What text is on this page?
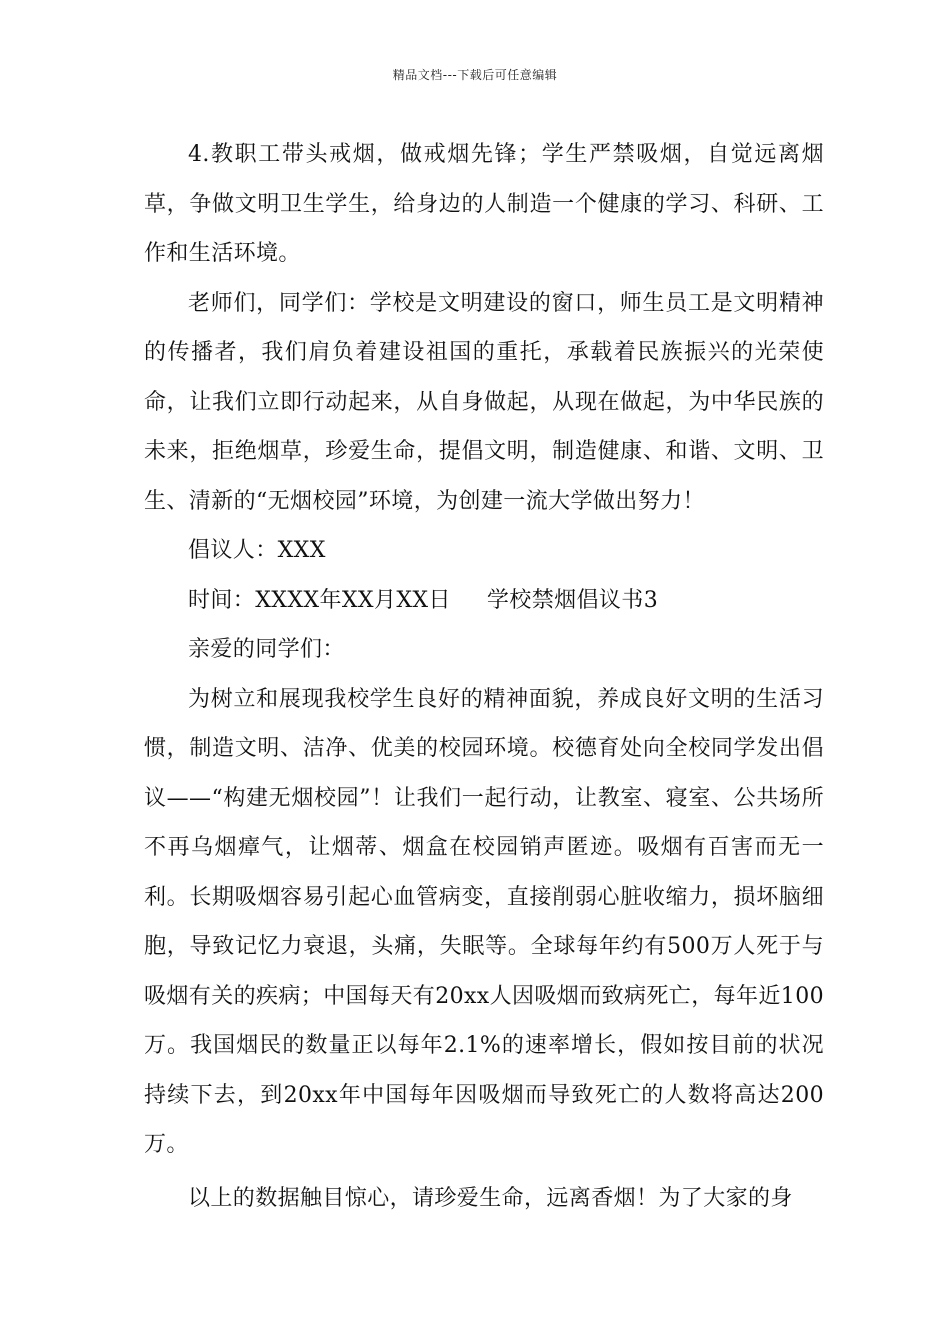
精品文档---下载后可任意编辑

4.教职工带头戒烟，做戒烟先锋；学生严禁吸烟，自觉远离烟草，争做文明卫生学生，给身边的人制造一个健康的学习、科研、工作和生活环境。

老师们，同学们：学校是文明建设的窗口，师生员工是文明精神的传播者，我们肩负着建设祖国的重托，承载着民族振兴的光荣使命，让我们立即行动起来，从自身做起，从现在做起，为中华民族的未来，拒绝烟草，珍爱生命，提倡文明，制造健康、和谐、文明、卫生、清新的“无烟校园”环境，为创建一流大学做出努力！

倡议人：XXX

时间：XXXX年XX月XX日 学校禁烟倡议书3

亲爱的同学们：

为树立和展现我校学生良好的精神面貌，养成良好文明的生活习惯，制造文明、洁净、优美的校园环境。校德育处向全校同学发出倡议——“构建无烟校园”！让我们一起行动，让教室、寝室、公共场所不再乌烟瘴气，让烟蒂、烟盒在校园销声匿迹。吸烟有百害而无一利。长期吸烟容易引起心血管病变，直接削弱心脏收缩力，损坏脑细胞，导致记忆力衰退，头痛，失眠等。全球每年约有500万人死于与吸烟有关的疾病；中国每天有20xx人因吸烟而致病死亡，每年近100万。我国烟民的数量正以每年2.1%的速率增长，假如按目前的状况持续下去，到20xx年中国每年因吸烟而导致死亡的人数将高达200万。

以上的数据触目惊心，请珍爱生命，远离香烟！为了大家的身
